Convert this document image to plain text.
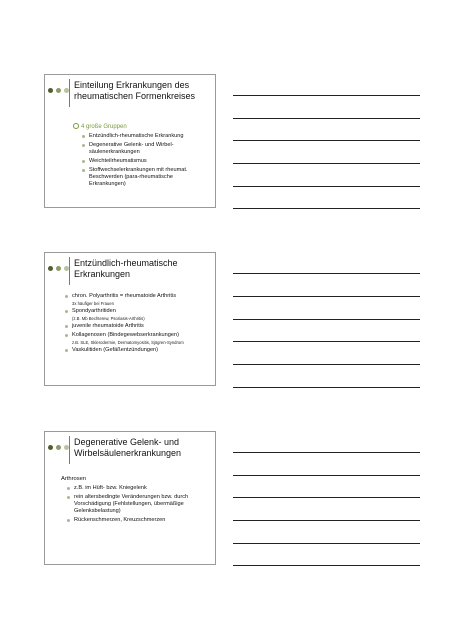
Einteilung Erkrankungen des
rheumatischen Formenkreises
4 große Gruppen
Entzündlich-rheumatische Erkrankung
Degenerative Gelenk- und Wirbel-säulenerkrankungen
Weichteilrheumatismus
Stoffwechselerkrankungen mit rheumat. Beschwerden (para-rheumatische Erkrankungen)
Entzündlich-rheumatische
Erkrankungen
chron. Polyarthritis = rheumatoide Arthritis
3x häufiger bei Frauen
Spondyarthritiden
(z.B. Mb Bechterew, Psoriasis-Arthritis)
juvenile rheumatoide Arthritis
Kollagenosen (Bindegewebserkrankungen)
z.B. SLE, Sklerodermie, Dermatomyositis, Sjögren-Syndrom
Vaskulitiden (Gefäßentzündungen)
Degenerative Gelenk- und
Wirbelsäulenerkrankungen
Arthrosen
z.B. im Hüft- bzw. Kniegelenk
rein altersbedingte Veränderungen bzw. durch Vorschädigung (Fehlstellungen, übermäßige Gelenksbelastung)
Rückenschmerzen, Kreuzschmerzen
